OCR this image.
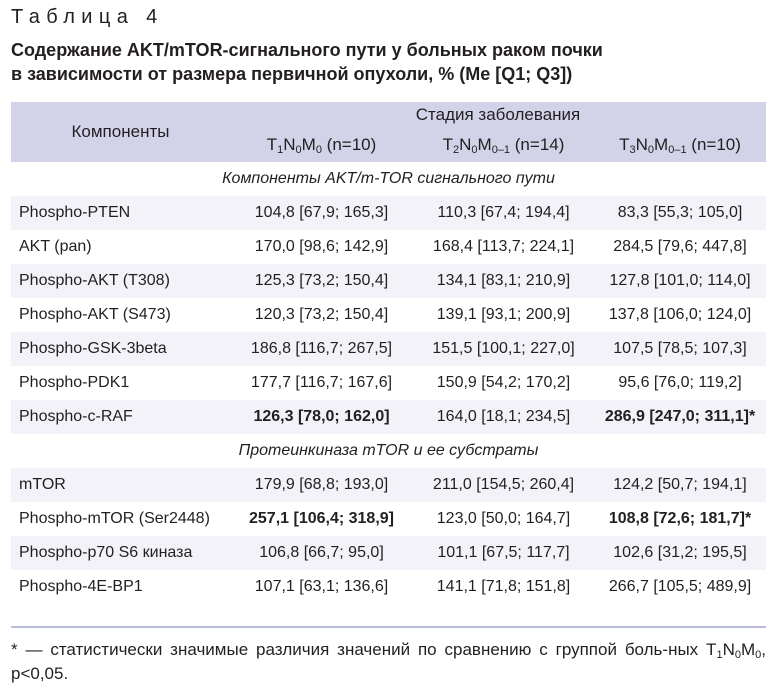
Таблица 4
Содержание AKT/mTOR-сигнального пути у больных раком почки
в зависимости от размера первичной опухоли, % (Me [Q1; Q3])
Компоненты	Стадия заболевания		
	$T_1N_0M_0$ (n=10)	$T_2N_0M_{0-1}$ (n=14)	$T_3N_0M_{0-1}$ (n=10)
Компоненты AKT/m-TOR сигнального пути			
Phospho-PTEN	104,8 [67,9; 165,3]	110,3 [67,4; 194,4]	83,3 [55,3; 105,0]
AKT (pan)	170,0 [98,6; 142,9]	168,4 [113,7; 224,1]	284,5 [79,6; 447,8]
Phospho-AKT (T308)	125,3 [73,2; 150,4]	134,1 [83,1; 210,9]	127,8 [101,0; 114,0]
Phospho-AKT (S473)	120,3 [73,2; 150,4]	139,1 [93,1; 200,9]	137,8 [106,0; 124,0]
Phospho-GSK-3beta	186,8 [116,7; 267,5]	151,5 [100,1; 227,0]	107,5 [78,5; 107,3]
Phospho-PDK1	177,7 [116,7; 167,6]	150,9 [54,2; 170,2]	95,6 [76,0; 119,2]
Phospho-c-RAF	126,3 [78,0; 162,0]	164,0 [18,1; 234,5]	286,9 [247,0; 311,1]*
Протеинкиназа mTOR и ее субстраты			
mTOR	179,9 [68,8; 193,0]	211,0 [154,5; 260,4]	124,2 [50,7; 194,1]
Phospho-mTOR (Ser2448)	257,1 [106,4; 318,9]	123,0 [50,0; 164,7]	108,8 [72,6; 181,7]*
Phospho-p70 S6 киназа	106,8 [66,7; 95,0]	101,1 [67,5; 117,7]	102,6 [31,2; 195,5]
Phospho-4E-BP1	107,1 [63,1; 136,6]	141,1 [71,8; 151,8]	266,7 [105,5; 489,9]
* — статистически значимые различия значений по сравнению с группой боль-ных $T_1N_0M_0$, p<0,05.
